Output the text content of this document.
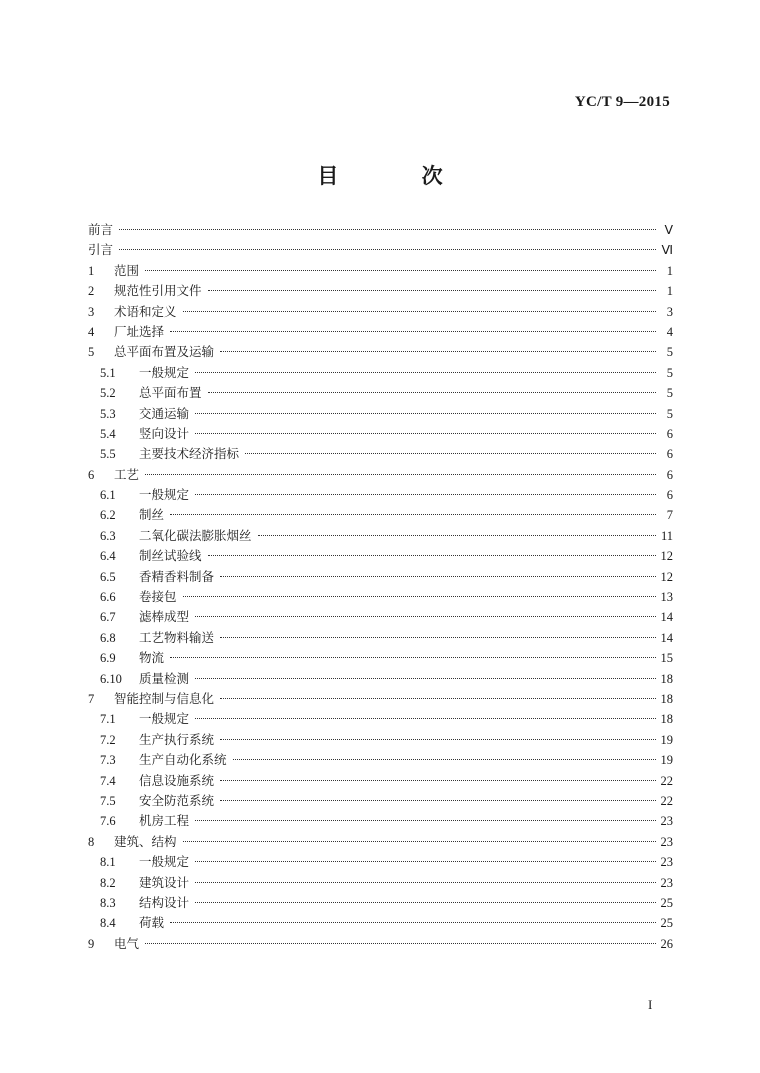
YC/T 9—2015
目 次
前言	Ⅴ
引言	Ⅵ
1	范围	1
2	规范性引用文件	1
3	术语和定义	3
4	厂址选择	4
5	总平面布置及运输	5
5.1	一般规定	5
5.2	总平面布置	5
5.3	交通运输	5
5.4	竖向设计	6
5.5	主要技术经济指标	6
6	工艺	6
6.1	一般规定	6
6.2	制丝	7
6.3	二氧化碳法膨胀烟丝	11
6.4	制丝试验线	12
6.5	香精香料制备	12
6.6	卷接包	13
6.7	滤棒成型	14
6.8	工艺物料输送	14
6.9	物流	15
6.10	质量检测	18
7	智能控制与信息化	18
7.1	一般规定	18
7.2	生产执行系统	19
7.3	生产自动化系统	19
7.4	信息设施系统	22
7.5	安全防范系统	22
7.6	机房工程	23
8	建筑、结构	23
8.1	一般规定	23
8.2	建筑设计	23
8.3	结构设计	25
8.4	荷载	25
9	电气	26
I
